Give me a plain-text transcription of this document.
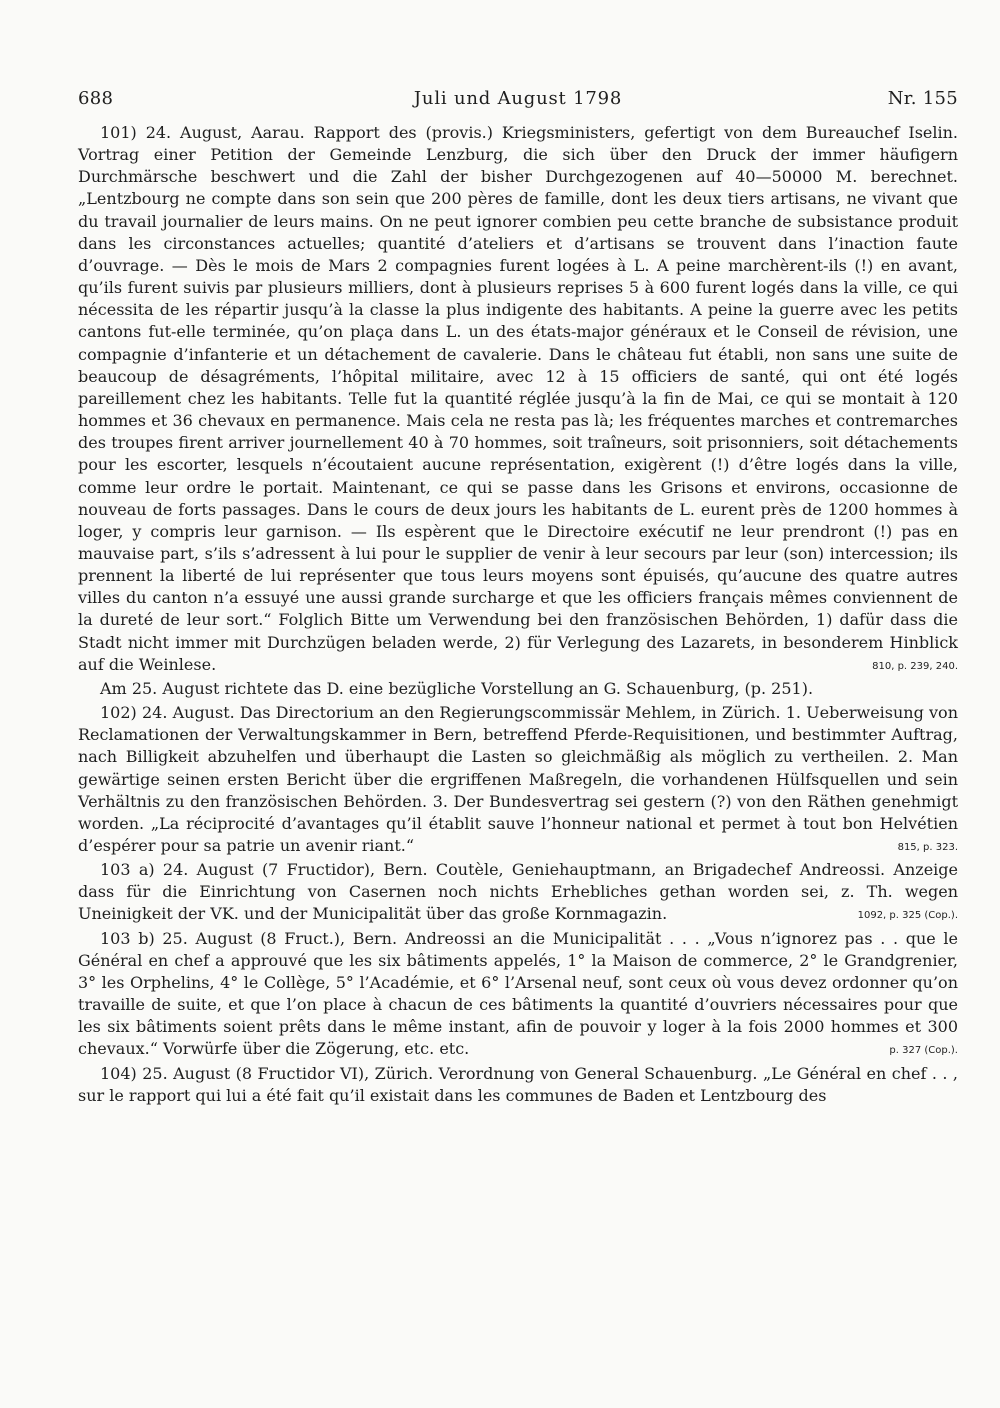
688	Juli und August 1798	Nr. 155

101) 24. August, Aarau. Rapport des (provis.) Kriegsministers, gefertigt von dem Bureauchef Iselin. Vortrag einer Petition der Gemeinde Lenzburg, die sich über den Druck der immer häufigern Durchmärsche beschwert und die Zahl der bisher Durchgezogenen auf 40—50000 M. berechnet. „Lentzbourg ne compte dans son sein que 200 pères de famille, dont les deux tiers artisans, ne vivant que du travail journalier de leurs mains. On ne peut ignorer combien peu cette branche de subsistance produit dans les circonstances actuelles; quantité d’ateliers et d’artisans se trouvent dans l’inaction faute d’ouvrage. — Dès le mois de Mars 2 compagnies furent logées à L. A peine marchèrent-ils (!) en avant, qu’ils furent suivis par plusieurs milliers, dont à plusieurs reprises 5 à 600 furent logés dans la ville, ce qui nécessita de les répartir jusqu’à la classe la plus indigente des habitants. A peine la guerre avec les petits cantons fut-elle terminée, qu’on plaça dans L. un des états-major généraux et le Conseil de révision, une compagnie d’infanterie et un détachement de cavalerie. Dans le château fut établi, non sans une suite de beaucoup de désagréments, l’hôpital militaire, avec 12 à 15 officiers de santé, qui ont été logés pareillement chez les habitants. Telle fut la quantité réglée jusqu’à la fin de Mai, ce qui se montait à 120 hommes et 36 chevaux en permanence. Mais cela ne resta pas là; les fréquentes marches et contremarches des troupes firent arriver journellement 40 à 70 hommes, soit traîneurs, soit prisonniers, soit détachements pour les escorter, lesquels n’écoutaient aucune représentation, exigèrent (!) d’être logés dans la ville, comme leur ordre le portait. Maintenant, ce qui se passe dans les Grisons et environs, occasionne de nouveau de forts passages. Dans le cours de deux jours les habitants de L. eurent près de 1200 hommes à loger, y compris leur garnison. — Ils espèrent que le Directoire exécutif ne leur prendront (!) pas en mauvaise part, s’ils s’adressent à lui pour le supplier de venir à leur secours par leur (son) intercession; ils prennent la liberté de lui représenter que tous leurs moyens sont épuisés, qu’aucune des quatre autres villes du canton n’a essuyé une aussi grande surcharge et que les officiers français mêmes conviennent de la dureté de leur sort.“ Folglich Bitte um Verwendung bei den französischen Behörden, 1) dafür dass die Stadt nicht immer mit Durchzügen beladen werde, 2) für Verlegung des Lazarets, in besonderem Hinblick auf die Weinlese.	810, p. 239, 240.

Am 25. August richtete das D. eine bezügliche Vorstellung an G. Schauenburg, (p. 251).

102) 24. August. Das Directorium an den Regierungscommissär Mehlem, in Zürich. 1. Ueberweisung von Reclamationen der Verwaltungskammer in Bern, betreffend Pferde-Requisitionen, und bestimmter Auftrag, nach Billigkeit abzuhelfen und überhaupt die Lasten so gleichmäßig als möglich zu vertheilen. 2. Man gewärtige seinen ersten Bericht über die ergriffenen Maßregeln, die vorhandenen Hülfsquellen und sein Verhältnis zu den französischen Behörden. 3. Der Bundesvertrag sei gestern (?) von den Räthen genehmigt worden. „La réciprocité d’avantages qu’il établit sauve l’honneur national et permet à tout bon Helvétien d’espérer pour sa patrie un avenir riant.“	815, p. 323.

103 a) 24. August (7 Fructidor), Bern. Coutèle, Geniehauptmann, an Brigadechef Andreossi. Anzeige dass für die Einrichtung von Casernen noch nichts Erhebliches gethan worden sei, z. Th. wegen Uneinigkeit der VK. und der Municipalität über das große Kornmagazin.	1092, p. 325 (Cop.).

103 b) 25. August (8 Fruct.), Bern. Andreossi an die Municipalität . . . „Vous n’ignorez pas . . que le Général en chef a approuvé que les six bâtiments appelés, 1° la Maison de commerce, 2° le Grandgrenier, 3° les Orphelins, 4° le Collège, 5° l’Académie, et 6° l’Arsenal neuf, sont ceux où vous devez ordonner qu’on travaille de suite, et que l’on place à chacun de ces bâtiments la quantité d’ouvriers nécessaires pour que les six bâtiments soient prêts dans le même instant, afin de pouvoir y loger à la fois 2000 hommes et 300 chevaux.“ Vorwürfe über die Zögerung, etc. etc.	p. 327 (Cop.).

104) 25. August (8 Fructidor VI), Zürich. Verordnung von General Schauenburg. „Le Général en chef . . , sur le rapport qui lui a été fait qu’il existait dans les communes de Baden et Lentzbourg des
